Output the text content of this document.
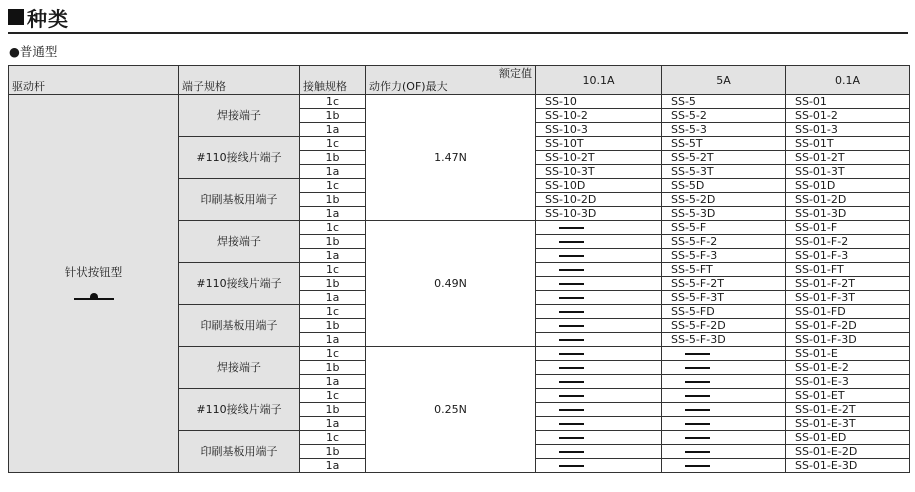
种类
●普通型
驱动杆	端子规格	接触规格	动作力(OF)最大
额定值	10.1A	5A	0.1A

针状按钮型	焊接端子	1c	1.47N	SS-10	SS-5	SS-01
		1b		SS-10-2	SS-5-2	SS-01-2
		1a		SS-10-3	SS-5-3	SS-01-3
	#110接线片端子	1c		SS-10T	SS-5T	SS-01T
		1b		SS-10-2T	SS-5-2T	SS-01-2T
		1a		SS-10-3T	SS-5-3T	SS-01-3T
	印刷基板用端子	1c		SS-10D	SS-5D	SS-01D
		1b		SS-10-2D	SS-5-2D	SS-01-2D
		1a		SS-10-3D	SS-5-3D	SS-01-3D
	焊接端子	1c	0.49N		SS-5-F	SS-01-F
		1b			SS-5-F-2	SS-01-F-2
		1a			SS-5-F-3	SS-01-F-3
	#110接线片端子	1c			SS-5-FT	SS-01-FT
		1b			SS-5-F-2T	SS-01-F-2T
		1a			SS-5-F-3T	SS-01-F-3T
	印刷基板用端子	1c			SS-5-FD	SS-01-FD
		1b			SS-5-F-2D	SS-01-F-2D
		1a			SS-5-F-3D	SS-01-F-3D
	焊接端子	1c	0.25N			SS-01-E
		1b				SS-01-E-2
		1a				SS-01-E-3
	#110接线片端子	1c				SS-01-ET
		1b				SS-01-E-2T
		1a				SS-01-E-3T
	印刷基板用端子	1c				SS-01-ED
		1b				SS-01-E-2D
		1a				SS-01-E-3D
